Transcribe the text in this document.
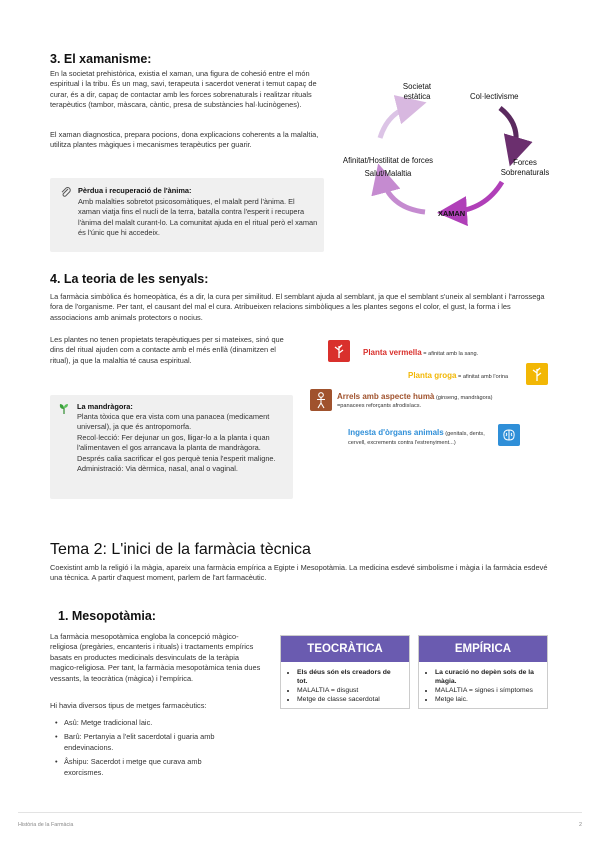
3. El xamanisme:

En la societat prehistòrica, existia el xaman, una figura de cohesió entre el món espiritual i la tribu. És un mag, savi, terapeuta i sacerdot venerat i temut capaç de curar, és a dir, capaç de contactar amb les forces sobrenaturals i realitzar rituals terapèutics (tambor, màscara, càntic, presa de substàncies hal·lucinògenes).

El xaman diagnostica, prepara pocions, dona explicacions coherents a la malaltia, utilitza plantes màgiques i mecanismes terapèutics per guarir.

Pèrdua i recuperació de l'ànima:
Amb malalties sobretot psicosomàtiques, el malalt perd l'ànima. El xaman viatja fins el nucli de la terra, batalla contra l'esperit i recupera l'ànima del malalt curant-lo. La comunitat ajuda en el ritual però el xaman és l'únic que hi accedeix.
Societat
estàtica	Col·lectivisme
Forces
Sobrenaturals
XAMAN
Afinitat/Hostilitat de forces
Salut/Malaltia
4. La teoria de les senyals:

La farmàcia simbòlica és homeopàtica, és a dir, la cura per similitud. El semblant ajuda al semblant, ja que el semblant s'uneix al semblant i l'arrossega fora de l'organisme. Per tant, el causant del mal el cura. Atribueixen relacions simbòliques a les plantes segons el color, el gust, la forma i les associacions amb animals protectors o nocius.

Les plantes no tenen propietats terapèutiques per si mateixes, sinó que dins del ritual ajuden com a contacte amb el més enllà (dinamitzen el ritual), ja que la malaltia té causa espiritual.

La mandràgora:
Planta tòxica que era vista com una panacea (medicament universal), ja que és antropomorfa.
Recol·lecció: Fer dejunar un gos, lligar-lo a la planta i quan l'alimentaven el gos arrancava la planta de mandràgora. Després calia sacrificar el gos perquè tenia l'esperit maligne.
Administració: Via dèrmica, nasal, anal o vaginal.
Planta vermella = afinitat amb la sang.
Planta groga = afinitat amb l'orina
Arrels amb aspecte humà (ginseng, mandràgora)
=panacees reforçants afrodisíacs.
Ingesta d'òrgans animals (genitals, dents,
cervell, excrements contra l'estrenyiment...)
Tema 2: L'inici de la farmàcia tècnica

Coexistint amb la religió i la màgia, apareix una farmàcia empírica a Egipte i Mesopotàmia. La medicina esdevé simbolisme i màgia i la farmàcia esdevé una tècnica. A partir d'aquest moment, parlem de l'art farmacèutic.

1. Mesopotàmia:

La farmàcia mesopotàmica engloba la concepció màgico-religiosa (pregàries, encanteris i rituals) i tractaments empírics basats en productes medicinals desvinculats de la teràpia magico-religiosa. Per tant, la farmàcia mesopotàmica tenia dues vessants, la teocràtica (màgica) i l'empírica.

Hi havia diversos tipus de metges farmacèutics:

• Asû: Metge tradicional laic.
• Barû: Pertanyia a l'elit sacerdotal i guaria amb endevinacions.
• Âshipu: Sacerdot i metge que curava amb exorcismes.
TEOCRÀTICA
• Els déus són els creadors de tot.
• MALALTIA = disgust
• Metge de classe sacerdotal
EMPÍRICA
• La curació no depèn sols de la màgia.
• MALALTIA = signes i símptomes
• Metge laic.
Història de la Farmàcia	2
